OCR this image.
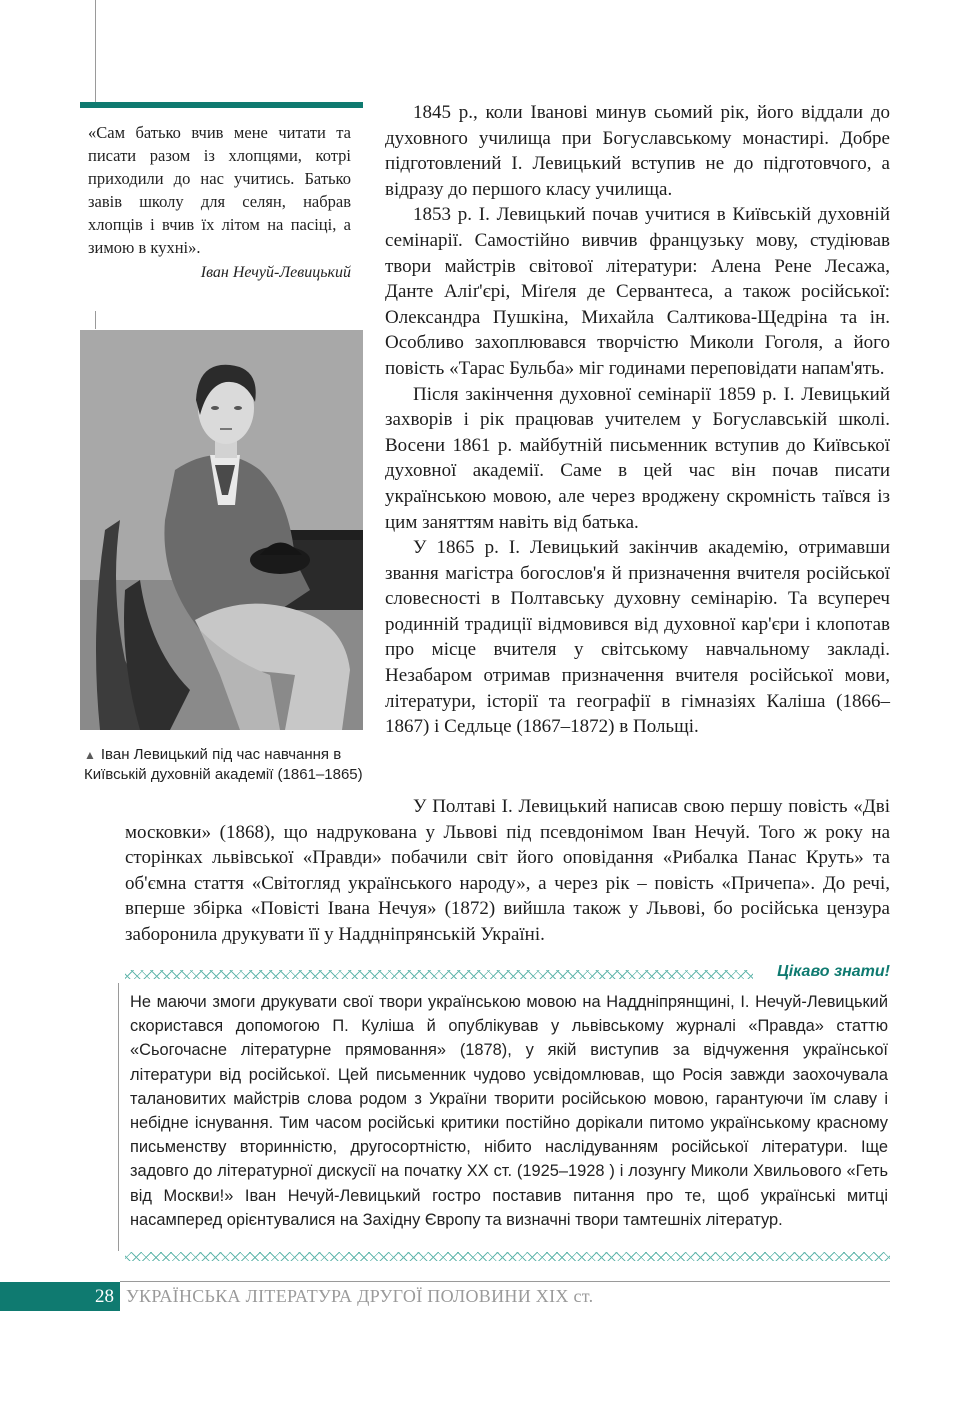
«Сам батько вчив мене читати та писати разом із хлопцями, котрі приходили до нас учитись. Батько завів школу для селян, набрав хлопців і вчив їх літом на пасіці, а зимою в кухні».

Іван Нечуй-Левицький

▲ Іван Левицький під час навчання в Київській духовній академії (1861–1865)

1845 р., коли Іванові минув сьомий рік, його віддали до духовного училища при Богуславському монастирі. Добре підготовлений І. Левицький вступив не до підготовчого, а відразу до першого класу училища.

1853 р. І. Левицький почав учитися в Київській духовній семінарії. Самостійно вивчив французьку мову, студіював твори майстрів світової літератури: Алена Рене Лесажа, Данте Аліґ'єрі, Міґеля де Сервантеса, а також російської: Олександра Пушкіна, Михайла Салтикова-Щедріна та ін. Особливо захоплювався творчістю Миколи Гоголя, а його повість «Тарас Бульба» міг годинами переповідати напам'ять.

Після закінчення духовної семінарії 1859 р. І. Левицький захворів і рік працював учителем у Богуславській школі. Восени 1861 р. майбутній письменник вступив до Київської духовної академії. Саме в цей час він почав писати українською мовою, але через вроджену скромність таївся із цим заняттям навіть від батька.

У 1865 р. І. Левицький закінчив академію, отримавши звання магістра богослов'я й призначення вчителя російської словесності в Полтавську духовну семінарію. Та всупереч родинній традиції відмовився від духовної кар'єри і клопотав про місце вчителя у світському навчальному закладі. Незабаром отримав призначення вчителя російської мови, літератури, історії та географії в гімназіях Каліша (1866–1867) і Седльце (1867–1872) в Польщі.

У Полтаві І. Левицький написав свою першу повість «Дві московки» (1868), що надрукована у Львові під псевдонімом Іван Нечуй. Того ж року на сторінках львівської «Правди» побачили світ його оповідання «Рибалка Панас Круть» та об'ємна стаття «Світогляд українського народу», а через рік – повість «Причепа». До речі, вперше збірка «Повісті Івана Нечуя» (1872) вийшла також у Львові, бо російська цензура заборонила друкувати її у Наддніпрянській Україні.

Цікаво знати!

Не маючи змоги друкувати свої твори українською мовою на Наддніпрянщині, І. Нечуй-Левицький скористався допомогою П. Куліша й опублікував у львівському журналі «Правда» статтю «Сьогочасне літературне прямовання» (1878), у якій виступив за відчуження української літератури від російської. Цей письменник чудово усвідомлював, що Росія завжди заохочувала талановитих майстрів слова родом з України творити російською мовою, гарантуючи їм славу і небідне існування. Тим часом російські критики постійно дорікали питомо українському красному письменству вторинністю, другосортністю, нібито наслідуванням російської літератури. Іще задовго до літературної дискусії на початку ХХ ст. (1925–1928 ) і лозунгу Миколи Хвильового «Геть від Москви!» Іван Нечуй-Левицький гостро поставив питання про те, щоб українські митці насамперед орієнтувалися на Західну Європу та визначні твори тамтешніх літератур.

28 УКРАЇНСЬКА ЛІТЕРАТУРА ДРУГОЇ ПОЛОВИНИ ХІХ ст.
